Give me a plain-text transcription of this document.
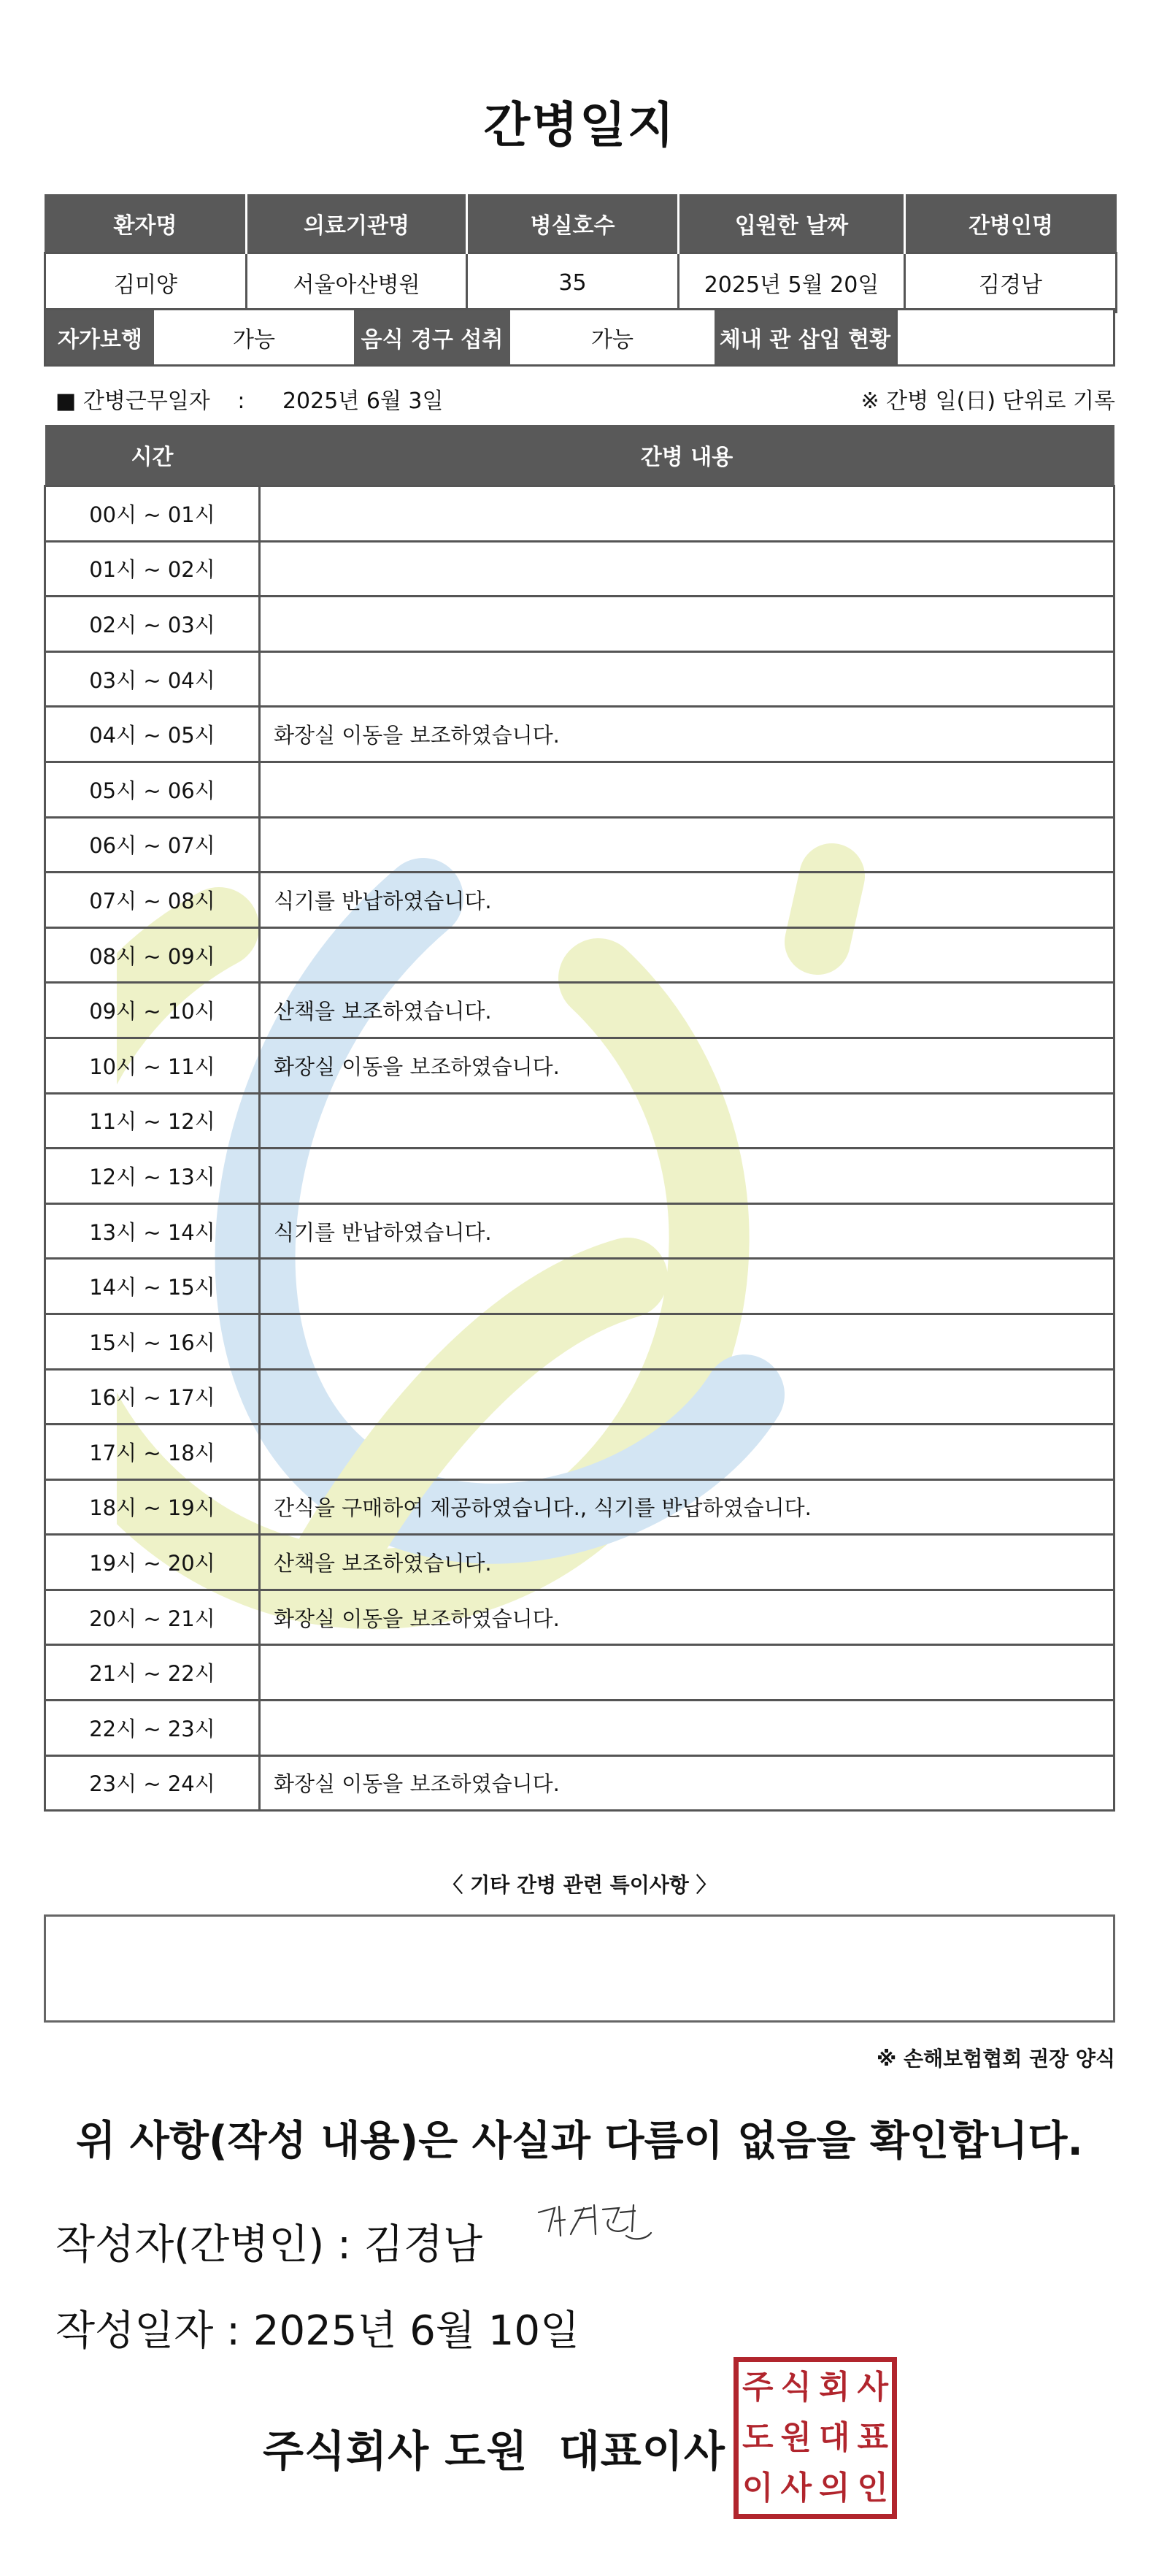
간병일지
환자명	의료기관명	병실호수	입원한 날짜	간병인명
김미양	서울아산병원	35	2025년 5월 20일	김경남
자가보행	가능	음식 경구 섭취	가능	체내 관 삽입 현황
■ 간병근무일자 : 2025년 6월 3일	※ 간병 일(日) 단위로 기록
시간	간병 내용
00시 ~ 01시	
01시 ~ 02시	
02시 ~ 03시	
03시 ~ 04시	
04시 ~ 05시	화장실 이동을 보조하였습니다.
05시 ~ 06시	
06시 ~ 07시	
07시 ~ 08시	식기를 반납하였습니다.
08시 ~ 09시	
09시 ~ 10시	산책을 보조하였습니다.
10시 ~ 11시	화장실 이동을 보조하였습니다.
11시 ~ 12시	
12시 ~ 13시	
13시 ~ 14시	식기를 반납하였습니다.
14시 ~ 15시	
15시 ~ 16시	
16시 ~ 17시	
17시 ~ 18시	
18시 ~ 19시	간식을 구매하여 제공하였습니다., 식기를 반납하였습니다.
19시 ~ 20시	산책을 보조하였습니다.
20시 ~ 21시	화장실 이동을 보조하였습니다.
21시 ~ 22시	
22시 ~ 23시	
23시 ~ 24시	화장실 이동을 보조하였습니다.
〈 기타 간병 관련 특이사항 〉
※ 손해보험협회 권장 양식
위 사항(작성 내용)은 사실과 다름이 없음을 확인합니다.
작성자(간병인) : 김경남
작성일자 : 2025년 6월 10일
주식회사 도원  대표이사
주 식 회 사
도 원 대 표
이 사 의 인
